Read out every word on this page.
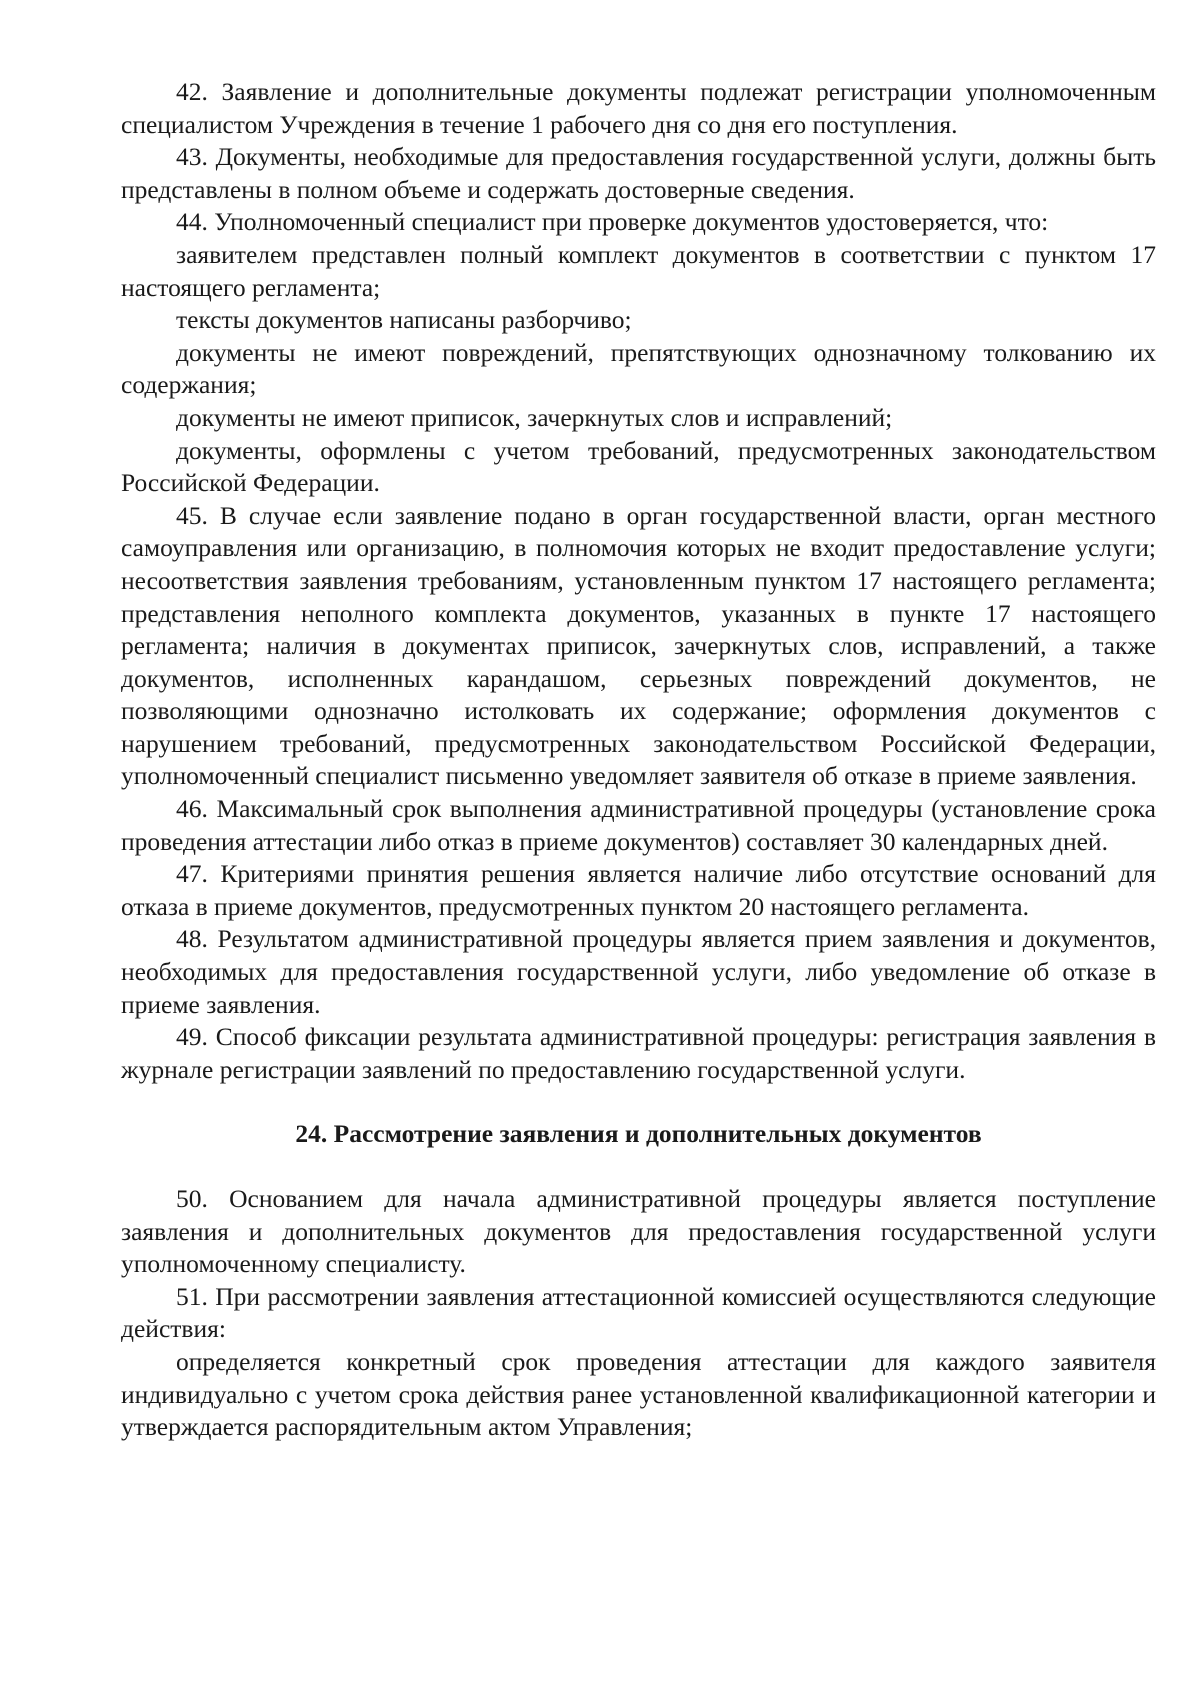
42. Заявление и дополнительные документы подлежат регистрации уполномоченным специалистом Учреждения в течение 1 рабочего дня со дня его поступления.

43. Документы, необходимые для предоставления государственной услуги, должны быть представлены в полном объеме и содержать достоверные сведения.

44. Уполномоченный специалист при проверке документов удостоверяется, что:

заявителем представлен полный комплект документов в соответствии с пунктом 17 настоящего регламента;

тексты документов написаны разборчиво;

документы не имеют повреждений, препятствующих однозначному толкованию их содержания;

документы не имеют приписок, зачеркнутых слов и исправлений;

документы, оформлены с учетом требований, предусмотренных законодательством Российской Федерации.

45. В случае если заявление подано в орган государственной власти, орган местного самоуправления или организацию, в полномочия которых не входит предоставление услуги; несоответствия заявления требованиям, установленным пунктом 17 настоящего регламента; представления неполного комплекта документов, указанных в пункте 17 настоящего регламента; наличия в документах приписок, зачеркнутых слов, исправлений, а также документов, исполненных карандашом, серьезных повреждений документов, не позволяющими однозначно истолковать их содержание; оформления документов с нарушением требований, предусмотренных законодательством Российской Федерации, уполномоченный специалист письменно уведомляет заявителя об отказе в приеме заявления.

46. Максимальный срок выполнения административной процедуры (установление срока проведения аттестации либо отказ в приеме документов) составляет 30 календарных дней.

47. Критериями принятия решения является наличие либо отсутствие оснований для отказа в приеме документов, предусмотренных пунктом 20 настоящего регламента.

48. Результатом административной процедуры является прием заявления и документов, необходимых для предоставления государственной услуги, либо уведомление об отказе в приеме заявления.

49. Способ фиксации результата административной процедуры: регистрация заявления в журнале регистрации заявлений по предоставлению государственной услуги.

24. Рассмотрение заявления и дополнительных документов

50. Основанием для начала административной процедуры является поступление заявления и дополнительных документов для предоставления государственной услуги уполномоченному специалисту.

51. При рассмотрении заявления аттестационной комиссией осуществляются следующие действия:

определяется конкретный срок проведения аттестации для каждого заявителя индивидуально с учетом срока действия ранее установленной квалификационной категории и утверждается распорядительным актом Управления;
